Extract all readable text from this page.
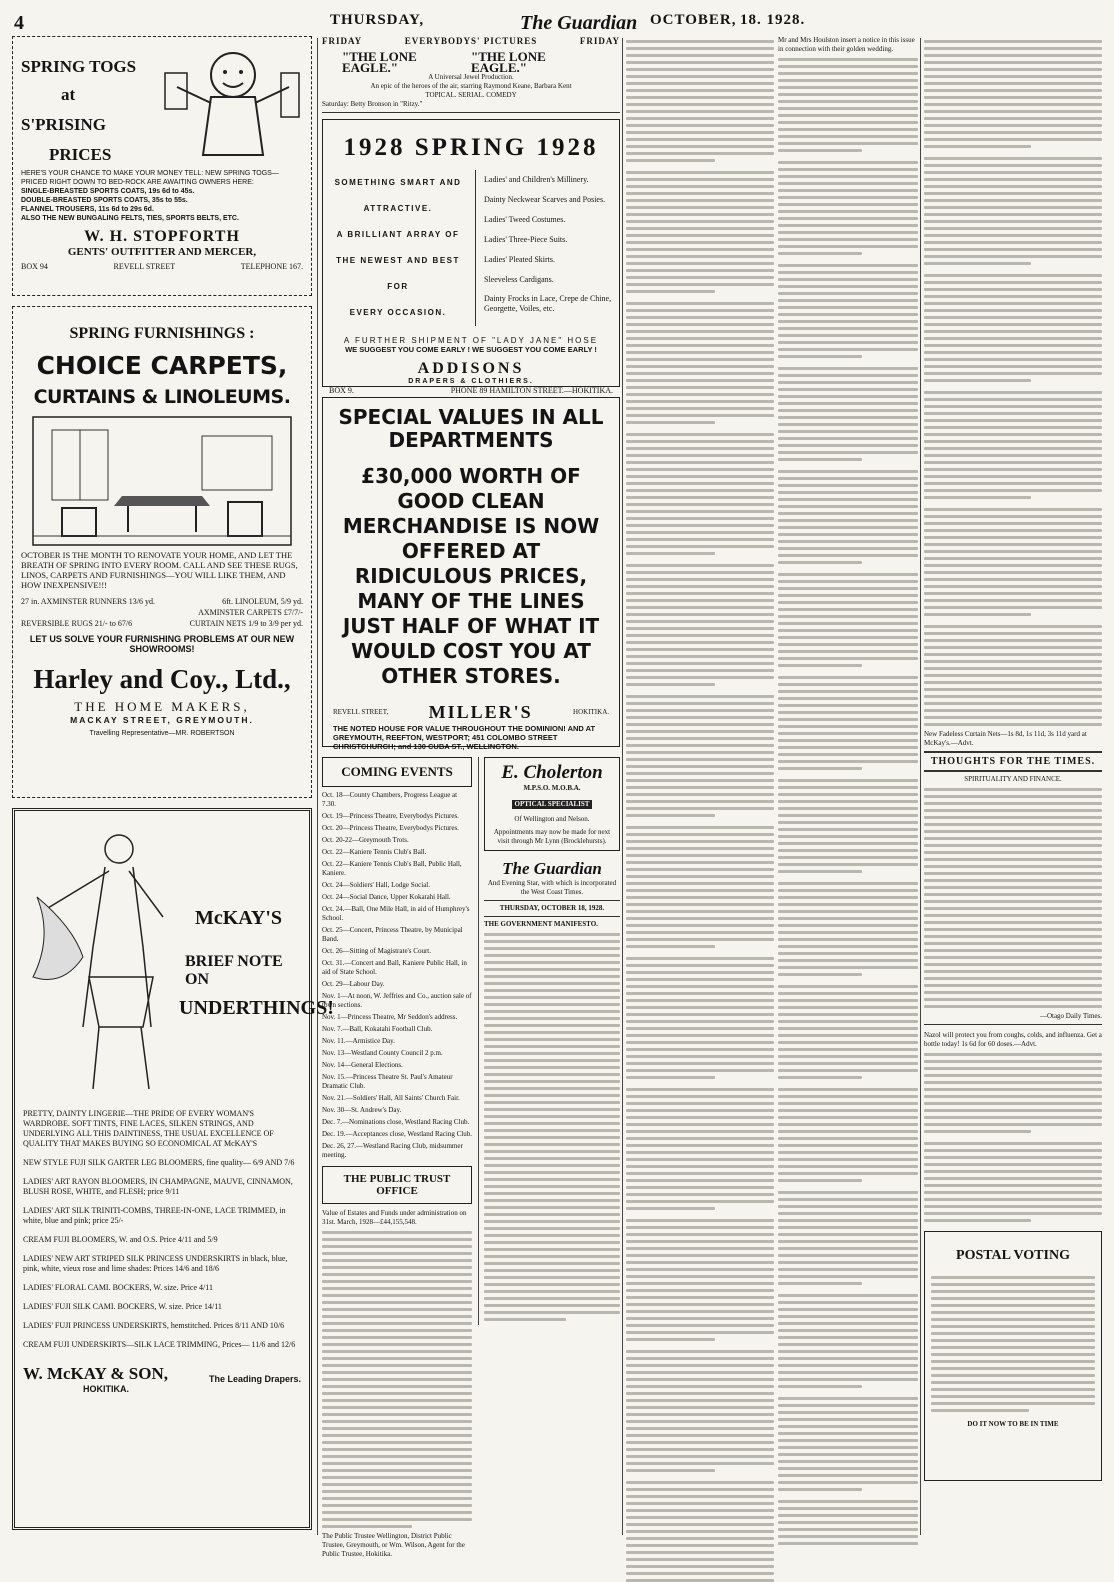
4	THURSDAY,	The Guardian OCTOBER, 18. 1928.
SPRING TOGS
at
S'PRISING
PRICES
HERE'S YOUR CHANCE TO MAKE YOUR MONEY TELL: NEW SPRING TOGS—PRICED RIGHT DOWN TO BED-ROCK ARE AWAITING OWNERS HERE:
SINGLE-BREASTED SPORTS COATS, 19s 6d to 45s.
DOUBLE-BREASTED SPORTS COATS, 35s to 55s.
FLANNEL TROUSERS, 11s 6d to 29s 6d.
ALSO THE NEW BUNGALING FELTS, TIES, SPORTS BELTS, ETC.
W. H. STOPFORTH
GENTS' OUTFITTER AND MERCER,
BOX 94	REVELL STREET	TELEPHONE 167.
SPRING FURNISHINGS :
CHOICE CARPETS,
CURTAINS & LINOLEUMS.
OCTOBER IS THE MONTH TO RENOVATE YOUR HOME, AND LET THE BREATH OF SPRING INTO EVERY ROOM. CALL AND SEE THESE RUGS, LINOS, CARPETS AND FURNISHINGS—YOU WILL LIKE THEM, AND HOW INEXPENSIVE!!!
27 in. AXMINSTER RUNNERS 13/6 yd.	6ft. LINOLEUM, 5/9 yd.
AXMINSTER CARPETS £7/7/-
REVERSIBLE RUGS 21/- to 67/6	CURTAIN NETS 1/9 to 3/9 per yd.
LET US SOLVE YOUR FURNISHING PROBLEMS AT OUR NEW SHOWROOMS!
Harley and Coy., Ltd.,
THE HOME MAKERS,
MACKAY STREET, GREYMOUTH.
Travelling Representative—MR. ROBERTSON
McKAY'S
BRIEF NOTE ON
UNDERTHINGS!
PRETTY, DAINTY LINGERIE—THE PRIDE OF EVERY WOMAN'S WARDROBE. SOFT TINTS, FINE LACES, SILKEN STRINGS, AND UNDERLYING ALL THIS DAINTINESS, THE USUAL EXCELLENCE OF QUALITY THAT MAKES BUYING SO ECONOMICAL AT McKAY'S
NEW STYLE FUJI SILK GARTER LEG BLOOMERS, fine quality— 6/9 AND 7/6
LADIES' ART RAYON BLOOMERS, IN CHAMPAGNE, MAUVE, CINNAMON, BLUSH ROSE, WHITE, and FLESH; price 9/11
LADIES' ART SILK TRINITI-COMBS, THREE-IN-ONE, LACE TRIMMED, in white, blue and pink; price 25/-
CREAM FUJI BLOOMERS, W. and O.S. Price 4/11 and 5/9
LADIES' NEW ART STRIPED SILK PRINCESS UNDERSKIRTS in black, blue, pink, white, vieux rose and lime shades: Prices 14/6 and 18/6
LADIES' FLORAL CAMI. BOCKERS, W. size. Price 4/11
LADIES' FUJI SILK CAMI. BOCKERS, W. size. Price 14/11
LADIES' FUJI PRINCESS UNDERSKIRTS, hemstitched. Prices 8/11 AND 10/6
CREAM FUJI UNDERSKIRTS—SILK LACE TRIMMING, Prices— 11/6 and 12/6
W. McKAY & SON,	The Leading Drapers.
HOKITIKA.
FRIDAY	EVERYBODYS' PICTURES	FRIDAY
"THE LONE EAGLE."
"THE LONE EAGLE."
A Universal Jewel Production.
An epic of the heroes of the air, starring Raymond Keane, Barbara Kent
TOPICAL. SERIAL. COMEDY
Saturday: Betty Bronson in "Ritzy."
1928 SPRING 1928
SOMETHING SMART AND
ATTRACTIVE.
A BRILLIANT ARRAY OF
THE NEWEST AND BEST FOR
EVERY OCCASION.
Ladies' and Children's Millinery.
Dainty Neckwear Scarves and Posies.
Ladies' Tweed Costumes.
Ladies' Three-Piece Suits.
Ladies' Pleated Skirts.
Sleeveless Cardigans.
Dainty Frocks in Lace, Crepe de Chine, Georgette, Voiles, etc.
A FURTHER SHIPMENT OF "LADY JANE" HOSE
WE SUGGEST YOU COME EARLY ! WE SUGGEST YOU COME EARLY !
ADDISONS
DRAPERS & CLOTHIERS.
BOX 9.	PHONE 89 HAMILTON STREET.—HOKITIKA.
SPECIAL VALUES IN ALL DEPARTMENTS
£30,000 WORTH OF GOOD CLEAN MERCHANDISE IS NOW OFFERED AT RIDICULOUS PRICES, MANY OF THE LINES JUST HALF OF WHAT IT WOULD COST YOU AT OTHER STORES.
REVELL STREET, MILLER'S	HOKITIKA.
THE NOTED HOUSE FOR VALUE THROUGHOUT THE DOMINION! AND AT GREYMOUTH, REEFTON, WESTPORT; 451 COLOMBO STREET CHRISTCHURCH; and 130 CUBA ST., WELLINGTON.
COMING EVENTS
Oct. 18—County Chambers, Progress League at 7.30.
Oct. 19—Princess Theatre, Everybodys Pictures.
Oct. 20—Princess Theatre, Everybodys Pictures.
Oct. 20-22—Greymouth Trots.
Oct. 22—Kaniere Tennis Club's Ball.
Oct. 22—Kaniere Tennis Club's Ball, Public Hall, Kaniere.
Oct. 24—Soldiers' Hall, Lodge Social.
Oct. 24—Social Dance, Upper Kokatahi Hall.
Oct. 24.—Ball, One Mile Hall, in aid of Humphrey's School.
Oct. 25—Concert, Princess Theatre, by Municipal Band.
Oct. 26—Sitting of Magistrate's Court.
Oct. 31.—Concert and Ball, Kaniere Public Hall, in aid of State School.
Oct. 29—Labour Day.
Nov. 1—At noon, W. Jeffries and Co., auction sale of town sections.
Nov. 1—Princess Theatre, Mr Seddon's address.
Nov. 7.—Ball, Kokatahi Football Club.
Nov. 11.—Armistice Day.
Nov. 13—Westland County Council 2 p.m.
Nov. 14—General Elections.
Nov. 15.—Princess Theatre St. Paul's Amateur Dramatic Club.
Nov. 21.—Soldiers' Hall, All Saints' Church Fair.
Nov. 30—St. Andrew's Day.
Dec. 7.—Nominations close, Westland Racing Club.
Dec. 19.—Acceptances close, Westland Racing Club.
Dec. 26, 27.—Westland Racing Club, midsummer meeting.
E. Cholerton
M.P.S.O. M.O.B.A.
OPTICAL SPECIALIST
Of Wellington and Nelson.
Appointments may now be made for next visit through Mr Lynn (Brocklehursts).
The Guardian
And Evening Star, with which is incorporated the West Coast Times.
THURSDAY, OCTOBER 18, 1928.
THE GOVERNMENT MANIFESTO.
THE PUBLIC TRUST OFFICE
Value of Estates and Funds under administration on 31st. March, 1928—£44,155,548.
The Public Trustee Wellington, District Public Trustee, Greymouth, or Wm. Wilson, Agent for the Public Trustee, Hokitika.
Mr and Mrs Houlston insert a notice in this issue in connection with their golden wedding.
New Fadeless Curtain Nets—1s 8d, 1s 11d, 3s 11d yard at McKay's.—Advt.
THOUGHTS FOR THE TIMES.
SPIRITUALITY AND FINANCE.
—Otago Daily Times.
Nazol will protect you from coughs, colds, and influenza. Get a bottle today! 1s 6d for 60 doses.—Advt.
POSTAL VOTING
DO IT NOW TO BE IN TIME
